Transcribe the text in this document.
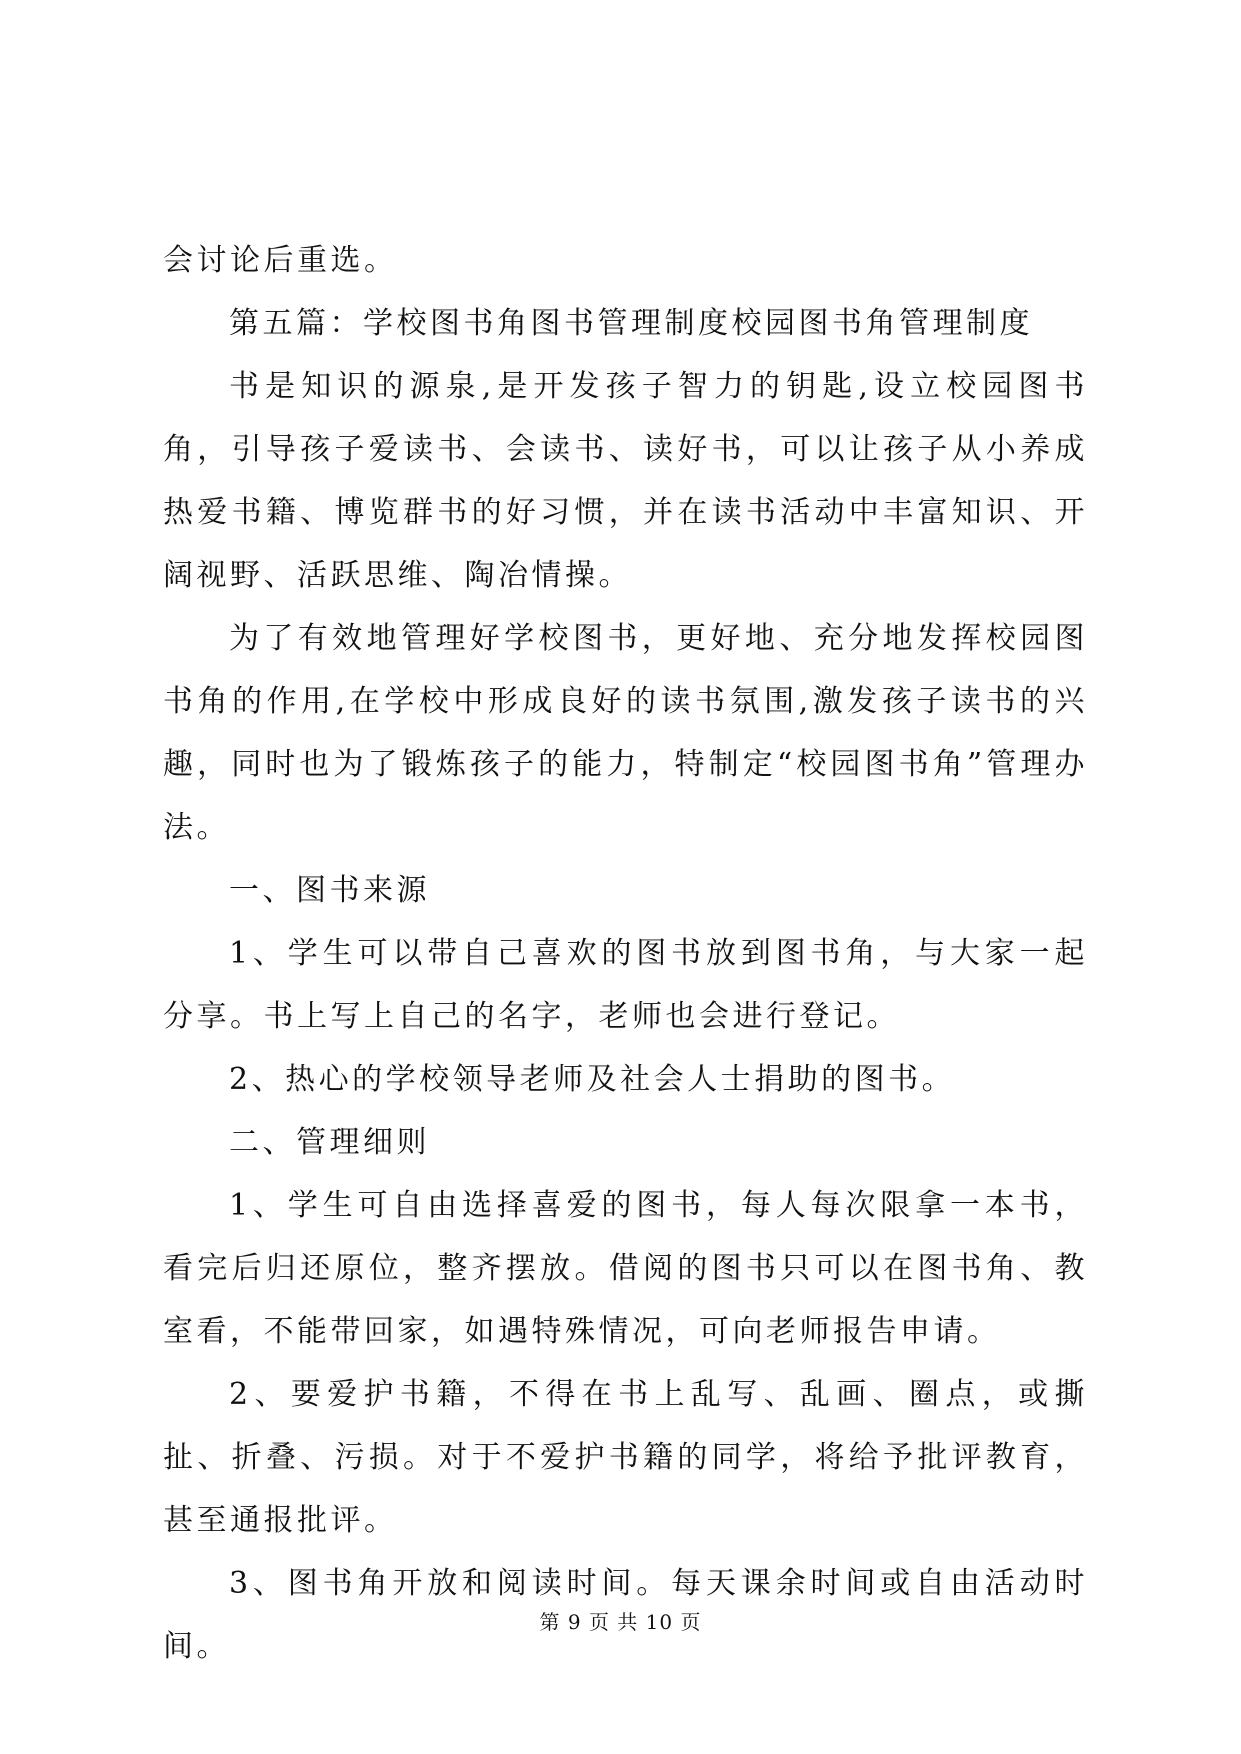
会讨论后重选。

第五篇：学校图书角图书管理制度校园图书角管理制度

书是知识的源泉,是开发孩子智力的钥匙,设立校园图书角，引导孩子爱读书、会读书、读好书，可以让孩子从小养成热爱书籍、博览群书的好习惯，并在读书活动中丰富知识、开阔视野、活跃思维、陶冶情操。

为了有效地管理好学校图书，更好地、充分地发挥校园图书角的作用,在学校中形成良好的读书氛围,激发孩子读书的兴趣，同时也为了锻炼孩子的能力，特制定“校园图书角”管理办法。

一、图书来源

1、学生可以带自己喜欢的图书放到图书角，与大家一起分享。书上写上自己的名字，老师也会进行登记。

2、热心的学校领导老师及社会人士捐助的图书。

二、管理细则

1、学生可自由选择喜爱的图书，每人每次限拿一本书，看完后归还原位，整齐摆放。借阅的图书只可以在图书角、教室看，不能带回家，如遇特殊情况，可向老师报告申请。

2、要爱护书籍，不得在书上乱写、乱画、圈点，或撕扯、折叠、污损。对于不爱护书籍的同学，将给予批评教育，甚至通报批评。

3、图书角开放和阅读时间。每天课余时间或自由活动时间。

第 9 页 共 10 页
